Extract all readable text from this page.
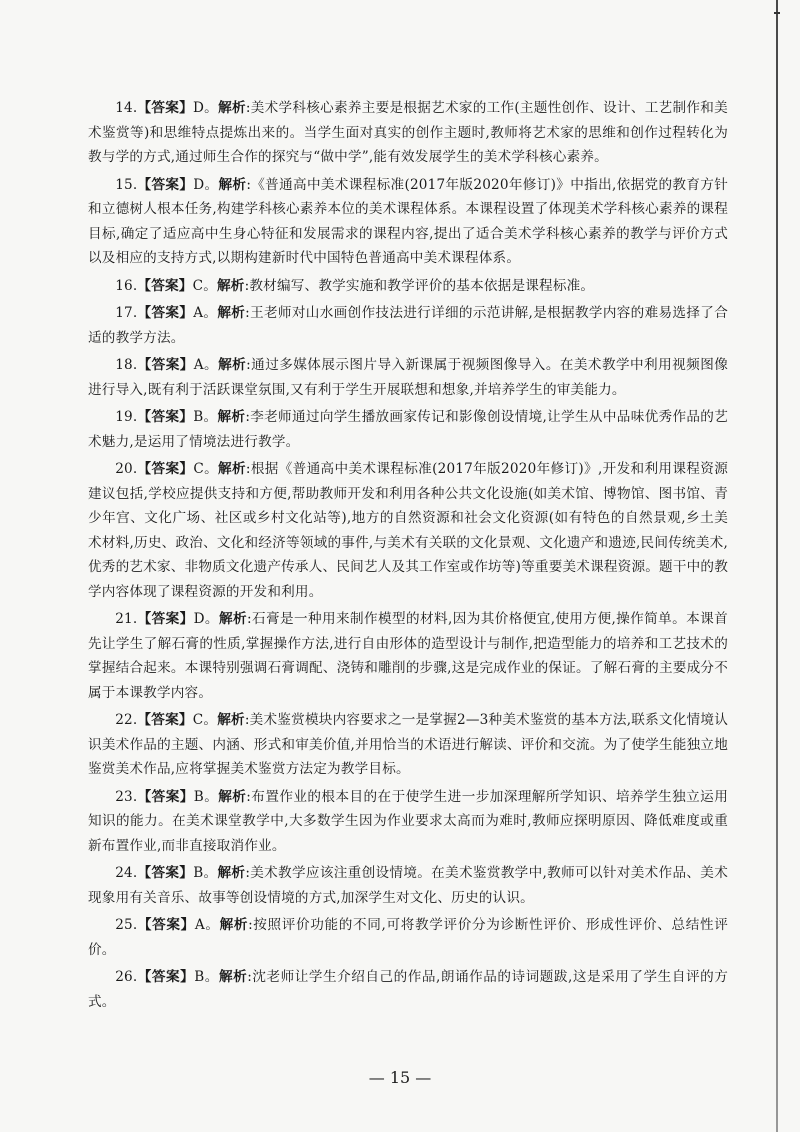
14.【答案】D。解析:美术学科核心素养主要是根据艺术家的工作(主题性创作、设计、工艺制作和美术鉴赏等)和思维特点提炼出来的。当学生面对真实的创作主题时,教师将艺术家的思维和创作过程转化为教与学的方式,通过师生合作的探究与“做中学”,能有效发展学生的美术学科核心素养。

15.【答案】D。解析:《普通高中美术课程标准(2017年版2020年修订)》中指出,依据党的教育方针和立德树人根本任务,构建学科核心素养本位的美术课程体系。本课程设置了体现美术学科核心素养的课程目标,确定了适应高中生身心特征和发展需求的课程内容,提出了适合美术学科核心素养的教学与评价方式以及相应的支持方式,以期构建新时代中国特色普通高中美术课程体系。

16.【答案】C。解析:教材编写、教学实施和教学评价的基本依据是课程标准。

17.【答案】A。解析:王老师对山水画创作技法进行详细的示范讲解,是根据教学内容的难易选择了合适的教学方法。

18.【答案】A。解析:通过多媒体展示图片导入新课属于视频图像导入。在美术教学中利用视频图像进行导入,既有利于活跃课堂氛围,又有利于学生开展联想和想象,并培养学生的审美能力。

19.【答案】B。解析:李老师通过向学生播放画家传记和影像创设情境,让学生从中品味优秀作品的艺术魅力,是运用了情境法进行教学。

20.【答案】C。解析:根据《普通高中美术课程标准(2017年版2020年修订)》,开发和利用课程资源建议包括,学校应提供支持和方便,帮助教师开发和利用各种公共文化设施(如美术馆、博物馆、图书馆、青少年宫、文化广场、社区或乡村文化站等),地方的自然资源和社会文化资源(如有特色的自然景观,乡土美术材料,历史、政治、文化和经济等领域的事件,与美术有关联的文化景观、文化遗产和遗迹,民间传统美术,优秀的艺术家、非物质文化遗产传承人、民间艺人及其工作室或作坊等)等重要美术课程资源。题干中的教学内容体现了课程资源的开发和利用。

21.【答案】D。解析:石膏是一种用来制作模型的材料,因为其价格便宜,使用方便,操作简单。本课首先让学生了解石膏的性质,掌握操作方法,进行自由形体的造型设计与制作,把造型能力的培养和工艺技术的掌握结合起来。本课特别强调石膏调配、浇铸和雕削的步骤,这是完成作业的保证。了解石膏的主要成分不属于本课教学内容。

22.【答案】C。解析:美术鉴赏模块内容要求之一是掌握2—3种美术鉴赏的基本方法,联系文化情境认识美术作品的主题、内涵、形式和审美价值,并用恰当的术语进行解读、评价和交流。为了使学生能独立地鉴赏美术作品,应将掌握美术鉴赏方法定为教学目标。

23.【答案】B。解析:布置作业的根本目的在于使学生进一步加深理解所学知识、培养学生独立运用知识的能力。在美术课堂教学中,大多数学生因为作业要求太高而为难时,教师应探明原因、降低难度或重新布置作业,而非直接取消作业。

24.【答案】B。解析:美术教学应该注重创设情境。在美术鉴赏教学中,教师可以针对美术作品、美术现象用有关音乐、故事等创设情境的方式,加深学生对文化、历史的认识。

25.【答案】A。解析:按照评价功能的不同,可将教学评价分为诊断性评价、形成性评价、总结性评价。

26.【答案】B。解析:沈老师让学生介绍自己的作品,朗诵作品的诗词题跋,这是采用了学生自评的方式。

— 15 —
